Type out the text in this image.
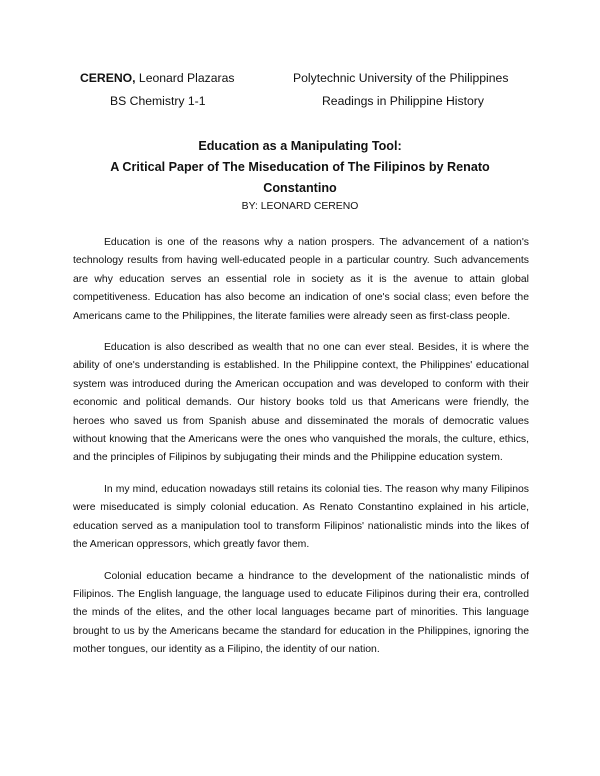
CERENO, Leonard Plazaras	Polytechnic University of the Philippines
BS Chemistry 1-1	Readings in Philippine History
Education as a Manipulating Tool:
A Critical Paper of The Miseducation of The Filipinos by Renato
Constantino
BY: LEONARD CERENO

Education is one of the reasons why a nation prospers. The advancement of a nation's technology results from having well-educated people in a particular country. Such advancements are why education serves an essential role in society as it is the avenue to attain global competitiveness. Education has also become an indication of one's social class; even before the Americans came to the Philippines, the literate families were already seen as first-class people.

Education is also described as wealth that no one can ever steal. Besides, it is where the ability of one's understanding is established. In the Philippine context, the Philippines' educational system was introduced during the American occupation and was developed to conform with their economic and political demands. Our history books told us that Americans were friendly, the heroes who saved us from Spanish abuse and disseminated the morals of democratic values without knowing that the Americans were the ones who vanquished the morals, the culture, ethics, and the principles of Filipinos by subjugating their minds and the Philippine education system.

In my mind, education nowadays still retains its colonial ties. The reason why many Filipinos were miseducated is simply colonial education. As Renato Constantino explained in his article, education served as a manipulation tool to transform Filipinos' nationalistic minds into the likes of the American oppressors, which greatly favor them.

Colonial education became a hindrance to the development of the nationalistic minds of Filipinos. The English language, the language used to educate Filipinos during their era, controlled the minds of the elites, and the other local languages became part of minorities. This language brought to us by the Americans became the standard for education in the Philippines, ignoring the mother tongues, our identity as a Filipino, the identity of our nation.
